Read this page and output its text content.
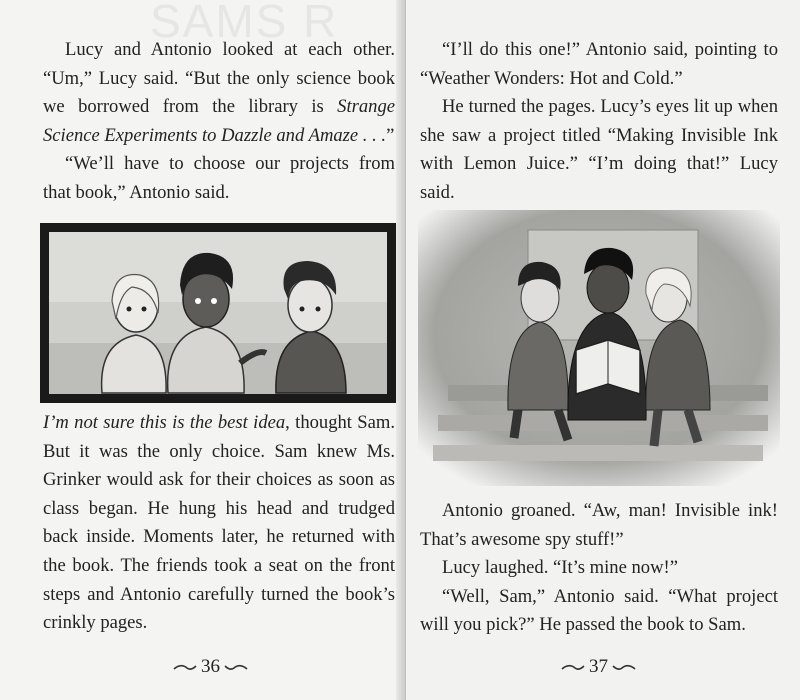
SAMS R

Lucy and Antonio looked at each other. “Um,” Lucy said. “But the only science book we borrowed from the library is Strange Science Experiments to Dazzle and Amaze . . .”

“We’ll have to choose our projects from that book,” Antonio said.

I’m not sure this is the best idea, thought Sam. But it was the only choice. Sam knew Ms. Grinker would ask for their choices as soon as class began. He hung his head and trudged back inside. Moments later, he returned with the book. The friends took a seat on the front steps and Antonio carefully turned the book’s crinkly pages.

36

“I’ll do this one!” Antonio said, pointing to “Weather Wonders: Hot and Cold.”

He turned the pages. Lucy’s eyes lit up when she saw a project titled “Making Invisible Ink with Lemon Juice.” “I’m doing that!” Lucy said.

Antonio groaned. “Aw, man! Invisible ink! That’s awesome spy stuff!”

Lucy laughed. “It’s mine now!”

“Well, Sam,” Antonio said. “What project will you pick?” He passed the book to Sam.

37
